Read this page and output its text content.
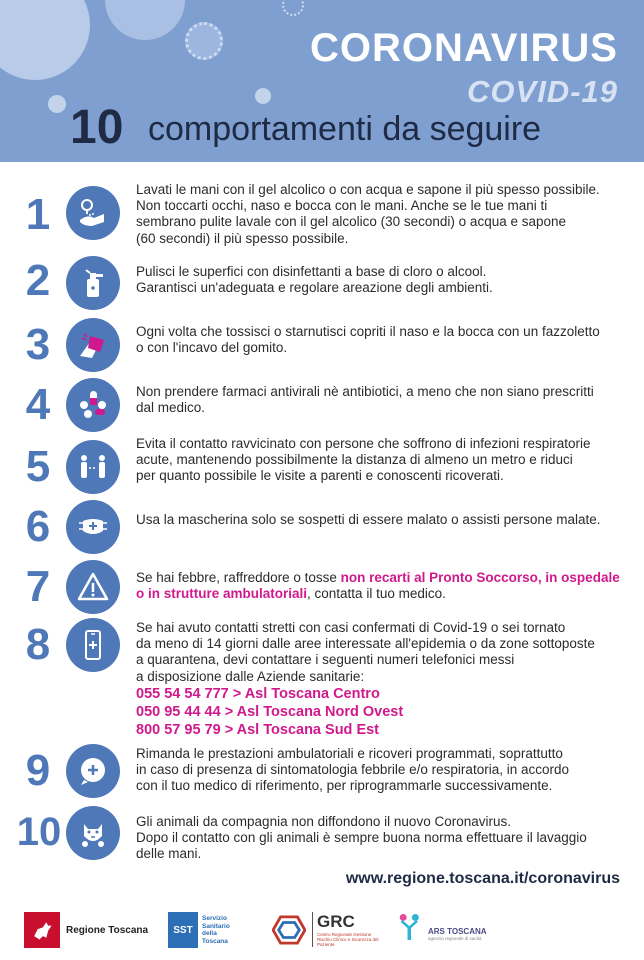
CORONAVIRUS
COVID-19
10 comportamenti da seguire
1
Lavati le mani con il gel alcolico o con acqua e sapone il più spesso possibile.
Non toccarti occhi, naso e bocca con le mani. Anche se le tue mani ti
sembrano pulite lavale con il gel alcolico (30 secondi) o acqua e sapone
(60 secondi) il più spesso possibile.
2	Pulisci le superfici con disinfettanti a base di cloro o alcool.
Garantisci un'adeguata e regolare areazione degli ambienti.
3	Ogni volta che tossisci o starnutisci copriti il naso e la bocca con un fazzoletto
o con l'incavo del gomito.
4	Non prendere farmaci antivirali nè antibiotici, a meno che non siano prescritti
dal medico.
5	Evita il contatto ravvicinato con persone che soffrono di infezioni respiratorie
acute, mantenendo possibilmente la distanza di almeno un metro e riduci
per quanto possibile le visite a parenti e conoscenti ricoverati.
6	Usa la mascherina solo se sospetti di essere malato o assisti persone malate.
7	Se hai febbre, raffreddore o tosse non recarti al Pronto Soccorso, in ospedale
o in strutture ambulatoriali, contatta il tuo medico.
8	Se hai avuto contatti stretti con casi confermati di Covid-19 o sei tornato
da meno di 14 giorni dalle aree interessate all'epidemia o da zone sottoposte
a quarantena, devi contattare i seguenti numeri telefonici messi
a disposizione dalle Aziende sanitarie:
055 54 54 777 > Asl Toscana Centro
050 95 44 44 > Asl Toscana Nord Ovest
800 57 95 79 > Asl Toscana Sud Est
9	Rimanda le prestazioni ambulatoriali e ricoveri programmati, soprattutto
in caso di presenza di sintomatologia febbrile e/o respiratoria, in accordo
con il tuo medico di riferimento, per riprogrammarle successivamente.
10	Gli animali da compagnia non diffondono il nuovo Coronavirus.
Dopo il contatto con gli animali è sempre buona norma effettuare il lavaggio
delle mani.
www.regione.toscana.it/coronavirus
Regione Toscana	SST
Servizio
Sanitario
della
Toscana
GRC
Centro Regionale Gestione Rischio Clinico e Sicurezza del Paziente
ARS TOSCANA
agenzia regionale di sanità
